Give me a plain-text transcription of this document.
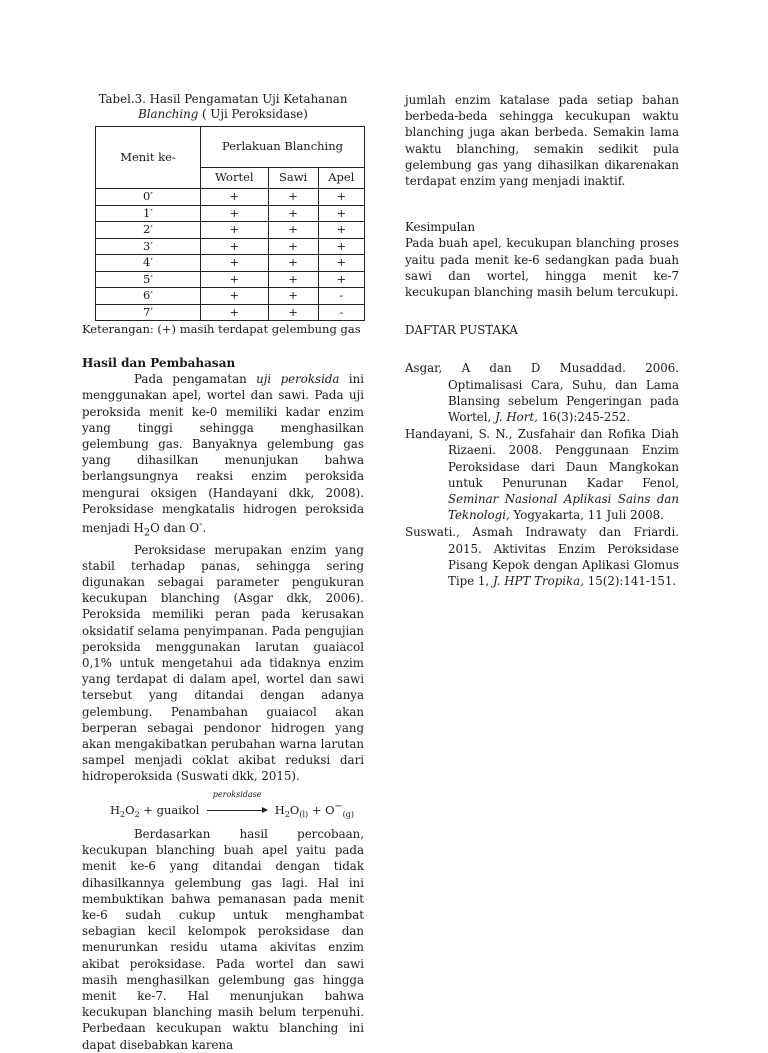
Tabel.3. Hasil Pengamatan Uji Ketahanan
Blanching ( Uji Peroksidase)
Menit ke-	Perlakuan Blanching		
	Wortel	Sawi	Apel
0′	+	+	+
1′	+	+	+
2′	+	+	+
3′	+	+	+
4′	+	+	+
5′	+	+	+
6′	+	+	-
7′	+	+	-
Keterangan: (+) masih terdapat gelembung gas
Hasil dan Pembahasan

Pada pengamatan uji peroksida ini menggunakan apel, wortel dan sawi. Pada uji peroksida menit ke-0 memiliki kadar enzim yang tinggi sehingga menghasilkan gelembung gas. Banyaknya gelembung gas yang dihasilkan menunjukan bahwa berlangsungnya reaksi enzim peroksida mengurai oksigen (Handayani dkk, 2008). Peroksidase mengkatalis hidrogen peroksida menjadi $H_2O$ dan O-.

Peroksidase merupakan enzim yang stabil terhadap panas, sehingga sering digunakan sebagai parameter pengukuran kecukupan blanching (Asgar dkk, 2006). Peroksida memiliki peran pada kerusakan oksidatif selama penyimpanan. Pada pengujian peroksida menggunakan larutan guaiacol 0,1% untuk mengetahui ada tidaknya enzim yang terdapat di dalam apel, wortel dan sawi tersebut yang ditandai dengan adanya gelembung. Penambahan guaiacol akan berperan sebagai pendonor hidrogen yang akan mengakibatkan perubahan warna larutan sampel menjadi coklat akibat reduksi dari hidroperoksida (Suswati dkk, 2015).

$H_2O_2$ + guaikol
peroksidase
$H_2O_{(l)} + O^-_{(g)}$

Berdasarkan hasil percobaan, kecukupan blanching buah apel yaitu pada menit ke-6 yang ditandai dengan tidak dihasilkannya gelembung gas lagi. Hal ini membuktikan bahwa pemanasan pada menit ke-6 sudah cukup untuk menghambat sebagian kecil kelompok peroksidase dan menurunkan residu utama akivitas enzim akibat peroksidase. Pada wortel dan sawi masih menghasilkan gelembung gas hingga menit ke-7. Hal menunjukan bahwa kecukupan blanching masih belum terpenuhi. Perbedaan kecukupan waktu blanching ini dapat disebabkan karena

jumlah enzim katalase pada setiap bahan berbeda-beda sehingga kecukupan waktu blanching juga akan berbeda. Semakin lama waktu blanching, semakin sedikit pula gelembung gas yang dihasilkan dikarenakan terdapat enzim yang menjadi inaktif.

Kesimpulan

Pada buah apel, kecukupan blanching proses yaitu pada menit ke-6 sedangkan pada buah sawi dan wortel, hingga menit ke-7 kecukupan blanching masih belum tercukupi.

DAFTAR PUSTAKA

Asgar, A dan D Musaddad. 2006. Optimalisasi Cara, Suhu, dan Lama Blansing sebelum Pengeringan pada Wortel, J. Hort, 16(3):245-252.

Handayani, S. N., Zusfahair dan Rofika Diah Rizaeni. 2008. Penggunaan Enzim Peroksidase dari Daun Mangkokan untuk Penurunan Kadar Fenol, Seminar Nasional Aplikasi Sains dan Teknologi, Yogyakarta, 11 Juli 2008.

Suswati., Asmah Indrawaty dan Friardi. 2015. Aktivitas Enzim Peroksidase Pisang Kepok dengan Aplikasi Glomus Tipe 1, J. HPT Tropika, 15(2):141-151.
